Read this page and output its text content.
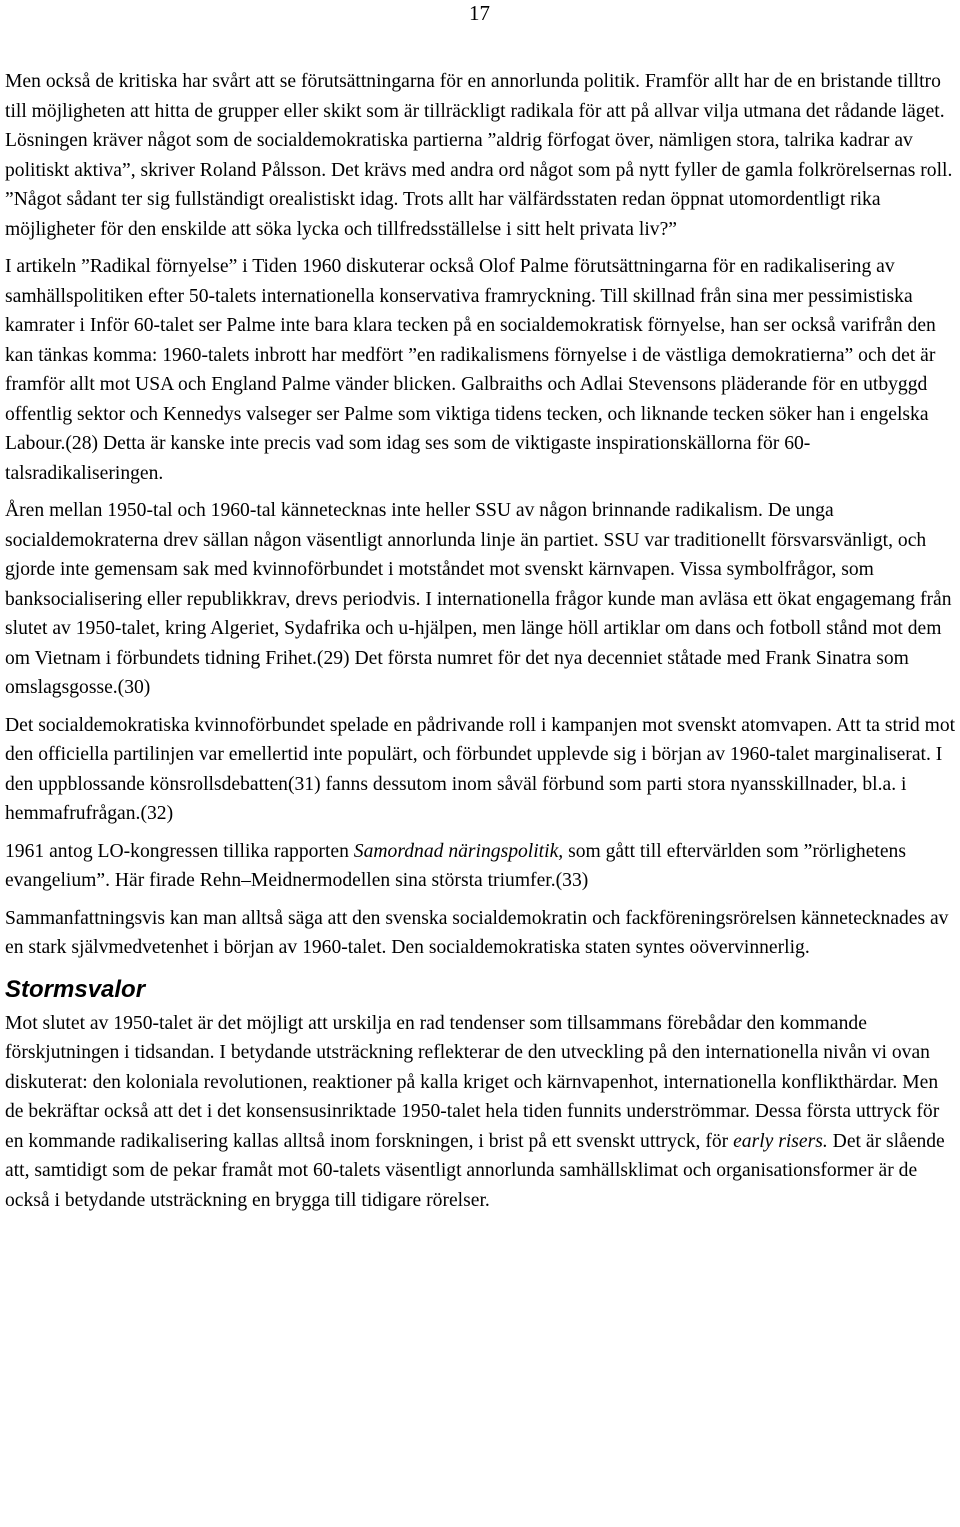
17

Men också de kritiska har svårt att se förutsättningarna för en annorlunda politik. Framför allt har de en bristande tilltro till möjligheten att hitta de grupper eller skikt som är tillräckligt radikala för att på allvar vilja utmana det rådande läget. Lösningen kräver något som de socialdemokratiska partierna ”aldrig förfogat över, nämligen stora, talrika kadrar av politiskt aktiva”, skriver Roland Pålsson. Det krävs med andra ord något som på nytt fyller de gamla folkrörelsernas roll. ”Något sådant ter sig fullständigt orealistiskt idag. Trots allt har välfärdsstaten redan öppnat utomordentligt rika möjligheter för den enskilde att söka lycka och tillfredsställelse i sitt helt privata liv?”

I artikeln ”Radikal förnyelse” i Tiden 1960 diskuterar också Olof Palme förutsättningarna för en radikalisering av samhällspolitiken efter 50-talets internationella konservativa framryckning. Till skillnad från sina mer pessimistiska kamrater i Inför 60-talet ser Palme inte bara klara tecken på en socialdemokratisk förnyelse, han ser också varifrån den kan tänkas komma: 1960-talets inbrott har medfört ”en radikalismens förnyelse i de västliga demokratierna” och det är framför allt mot USA och England Palme vänder blicken. Galbraiths och Adlai Stevensons pläderande för en utbyggd offentlig sektor och Kennedys valseger ser Palme som viktiga tidens tecken, och liknande tecken söker han i engelska Labour.(28) Detta är kanske inte precis vad som idag ses som de viktigaste inspirationskällorna för 60-talsradikaliseringen.

Åren mellan 1950-tal och 1960-tal kännetecknas inte heller SSU av någon brinnande radikalism. De unga socialdemokraterna drev sällan någon väsentligt annorlunda linje än partiet. SSU var traditionellt försvarsvänligt, och gjorde inte gemensam sak med kvinnoförbundet i motståndet mot svenskt kärnvapen. Vissa symbolfrågor, som banksocialisering eller republikkrav, drevs periodvis. I internationella frågor kunde man avläsa ett ökat engagemang från slutet av 1950-talet, kring Algeriet, Sydafrika och u-hjälpen, men länge höll artiklar om dans och fotboll stånd mot dem om Vietnam i förbundets tidning Frihet.(29) Det första numret för det nya decenniet ståtade med Frank Sinatra som omslagsgosse.(30)

Det socialdemokratiska kvinnoförbundet spelade en pådrivande roll i kampanjen mot svenskt atomvapen. Att ta strid mot den officiella partilinjen var emellertid inte populärt, och förbundet upplevde sig i början av 1960-talet marginaliserat. I den uppblossande könsrollsdebatten(31) fanns dessutom inom såväl förbund som parti stora nyansskillnader, bl.a. i hemmafrufrågan.(32)

1961 antog LO-kongressen tillika rapporten Samordnad näringspolitik, som gått till eftervärlden som ”rörlighetens evangelium”. Här firade Rehn–Meidnermodellen sina största triumfer.(33)

Sammanfattningsvis kan man alltså säga att den svenska socialdemokratin och fackföreningsrörelsen kännetecknades av en stark självmedvetenhet i början av 1960-talet. Den socialdemokratiska staten syntes oövervinnerlig.

Stormsvalor

Mot slutet av 1950-talet är det möjligt att urskilja en rad tendenser som tillsammans förebådar den kommande förskjutningen i tidsandan. I betydande utsträckning reflekterar de den utveckling på den internationella nivån vi ovan diskuterat: den koloniala revolutionen, reaktioner på kalla kriget och kärnvapenhot, internationella konflikthärdar. Men de bekräftar också att det i det konsensusinriktade 1950-talet hela tiden funnits underströmmar. Dessa första uttryck för en kommande radikalisering kallas alltså inom forskningen, i brist på ett svenskt uttryck, för early risers. Det är slående att, samtidigt som de pekar framåt mot 60-talets väsentligt annorlunda samhällsklimat och organisationsformer är de också i betydande utsträckning en brygga till tidigare rörelser.
